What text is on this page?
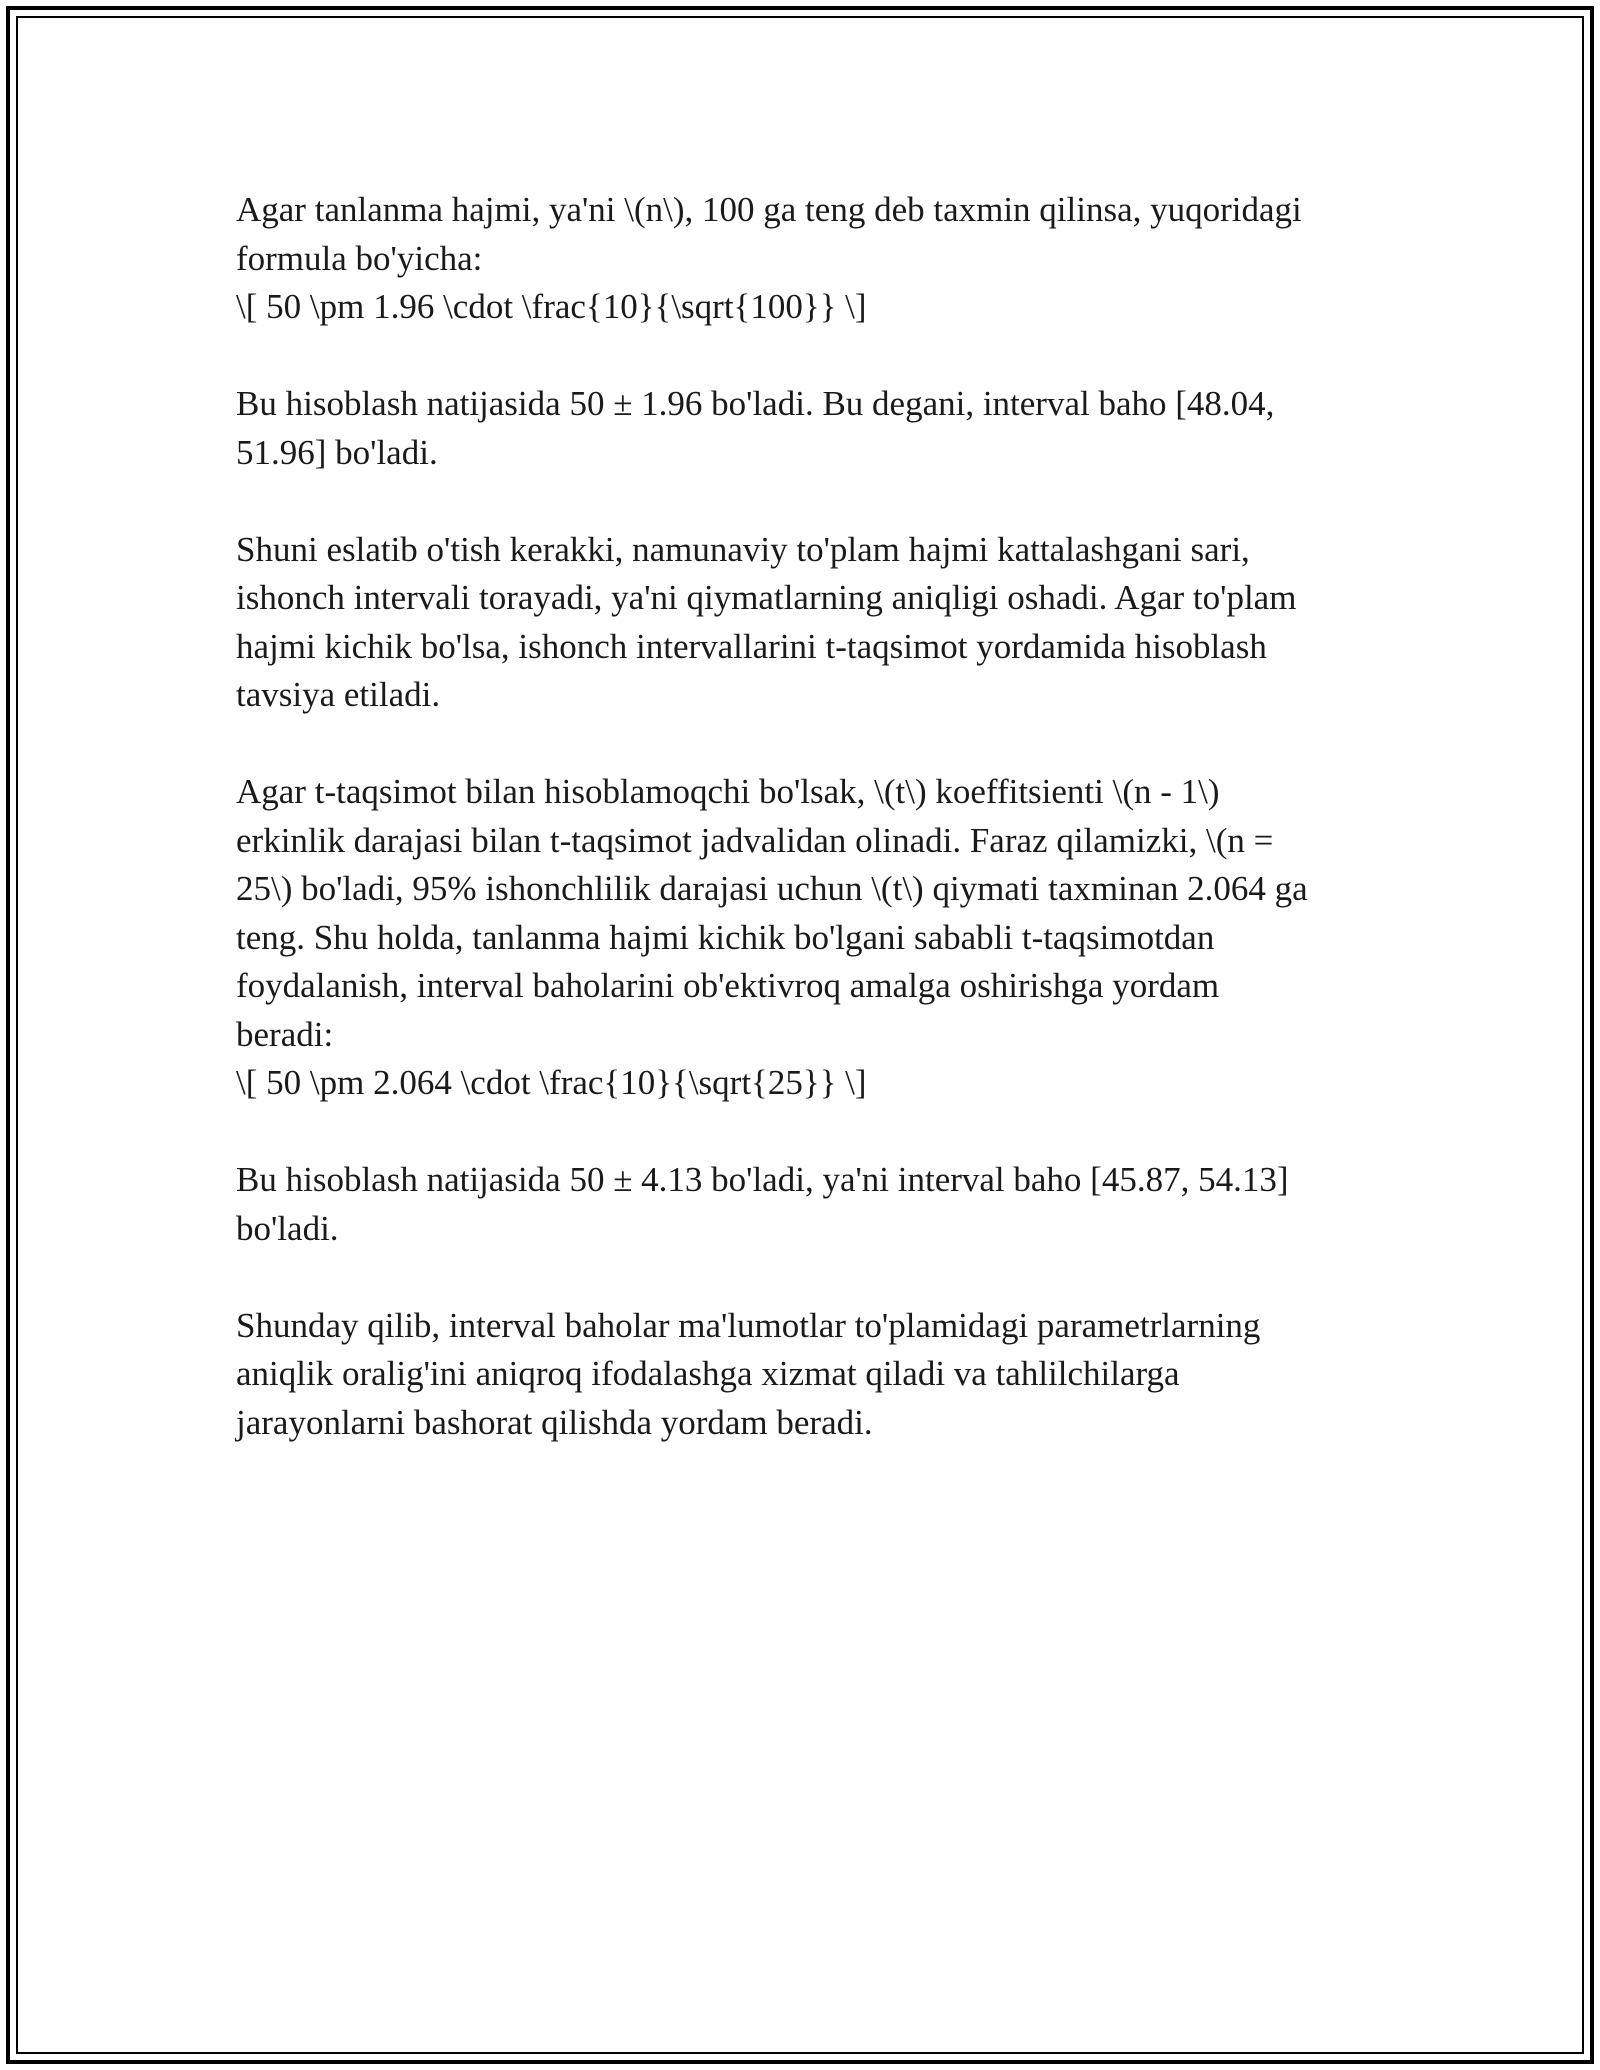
Agar tanlanma hajmi, ya'ni \(n\), 100 ga teng deb taxmin qilinsa, yuqoridagi
formula bo'yicha:
\[ 50 \pm 1.96 \cdot \frac{10}{\sqrt{100}} \]

Bu hisoblash natijasida 50 ± 1.96 bo'ladi. Bu degani, interval baho [48.04,
51.96] bo'ladi.

Shuni eslatib o'tish kerakki, namunaviy to'plam hajmi kattalashgani sari,
ishonch intervali torayadi, ya'ni qiymatlarning aniqligi oshadi. Agar to'plam
hajmi kichik bo'lsa, ishonch intervallarini t-taqsimot yordamida hisoblash
tavsiya etiladi.

Agar t-taqsimot bilan hisoblamoqchi bo'lsak, \(t\) koeffitsienti \(n - 1\)
erkinlik darajasi bilan t-taqsimot jadvalidan olinadi. Faraz qilamizki, \(n =
25\) bo'ladi, 95% ishonchlilik darajasi uchun \(t\) qiymati taxminan 2.064 ga
teng. Shu holda, tanlanma hajmi kichik bo'lgani sababli t-taqsimotdan
foydalanish, interval baholarini ob'ektivroq amalga oshirishga yordam
beradi:
\[ 50 \pm 2.064 \cdot \frac{10}{\sqrt{25}} \]

Bu hisoblash natijasida 50 ± 4.13 bo'ladi, ya'ni interval baho [45.87, 54.13]
bo'ladi.

Shunday qilib, interval baholar ma'lumotlar to'plamidagi parametrlarning
aniqlik oralig'ini aniqroq ifodalashga xizmat qiladi va tahlilchilarga
jarayonlarni bashorat qilishda yordam beradi.
